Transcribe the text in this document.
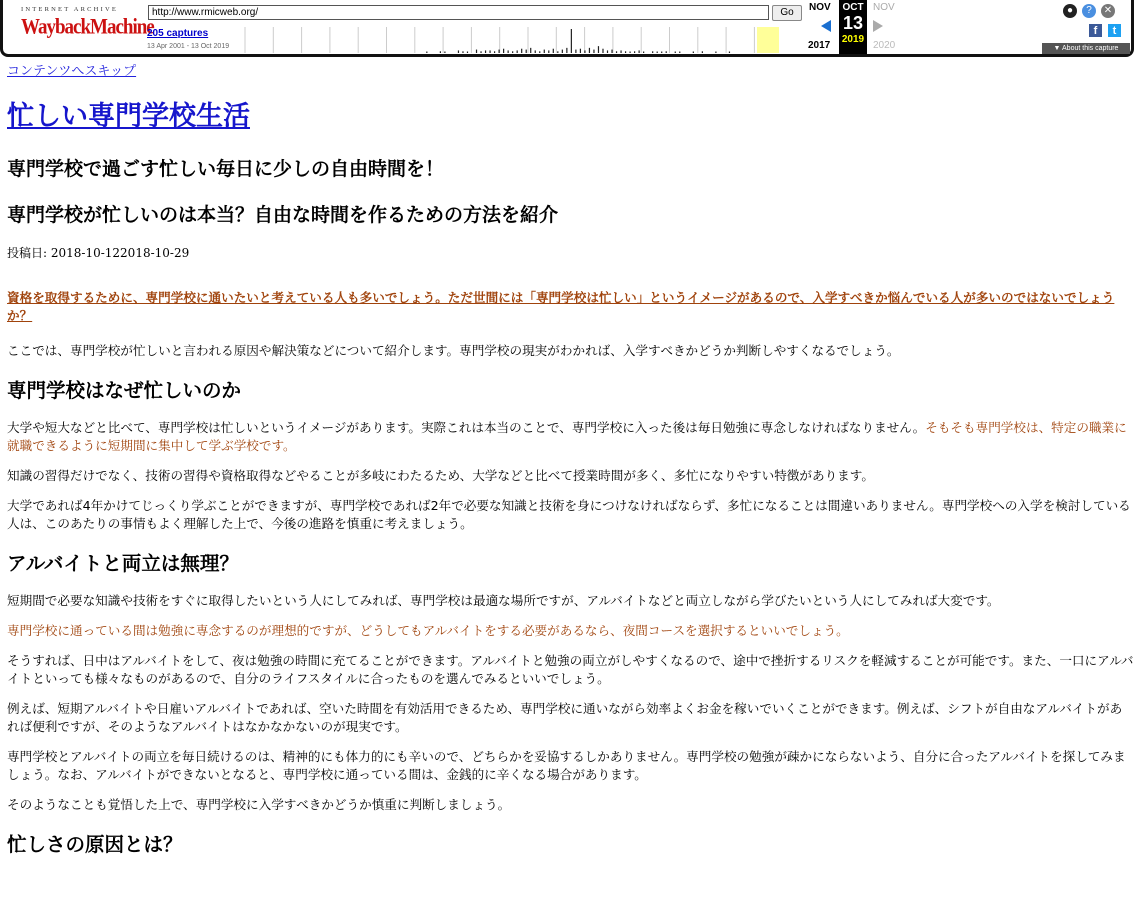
INTERNET ARCHIVE
WaybackMachine
http://www.rmicweb.org/	Go
205 captures
13 Apr 2001 - 13 Oct 2019
NOV	OCT
13
2019
NOV
2017	2020
● ? ✕
f t
▼ About this capture
コンテンツへスキップ
忙しい専門学校生活
専門学校で過ごす忙しい毎日に少しの自由時間を！
専門学校が忙しいのは本当？自由な時間を作るための方法を紹介
投稿日: 2018-10-122018-10-29

資格を取得するために、専門学校に通いたいと考えている人も多いでしょう。ただ世間には「専門学校は忙しい」というイメージがあるので、入学すべきか悩んでいる人が多いのではないでしょうか？

ここでは、専門学校が忙しいと言われる原因や解決策などについて紹介します。専門学校の現実がわかれば、入学すべきかどうか判断しやすくなるでしょう。

専門学校はなぜ忙しいのか

大学や短大などと比べて、専門学校は忙しいというイメージがあります。実際これは本当のことで、専門学校に入った後は毎日勉強に専念しなければなりません。そもそも専門学校は、特定の職業に就職できるように短期間に集中して学ぶ学校です。

知識の習得だけでなく、技術の習得や資格取得などやることが多岐にわたるため、大学などと比べて授業時間が多く、多忙になりやすい特徴があります。

大学であれば4年かけてじっくり学ぶことができますが、専門学校であれば2年で必要な知識と技術を身につけなければならず、多忙になることは間違いありません。専門学校への入学を検討している人は、このあたりの事情もよく理解した上で、今後の進路を慎重に考えましょう。

アルバイトと両立は無理？

短期間で必要な知識や技術をすぐに取得したいという人にしてみれば、専門学校は最適な場所ですが、アルバイトなどと両立しながら学びたいという人にしてみれば大変です。

専門学校に通っている間は勉強に専念するのが理想的ですが、どうしてもアルバイトをする必要があるなら、夜間コースを選択するといいでしょう。

そうすれば、日中はアルバイトをして、夜は勉強の時間に充てることができます。アルバイトと勉強の両立がしやすくなるので、途中で挫折するリスクを軽減することが可能です。また、一口にアルバイトといっても様々なものがあるので、自分のライフスタイルに合ったものを選んでみるといいでしょう。

例えば、短期アルバイトや日雇いアルバイトであれば、空いた時間を有効活用できるため、専門学校に通いながら効率よくお金を稼いでいくことができます。例えば、シフトが自由なアルバイトがあれば便利ですが、そのようなアルバイトはなかなかないのが現実です。

専門学校とアルバイトの両立を毎日続けるのは、精神的にも体力的にも辛いので、どちらかを妥協するしかありません。専門学校の勉強が疎かにならないよう、自分に合ったアルバイトを探してみましょう。なお、アルバイトができないとなると、専門学校に通っている間は、金銭的に辛くなる場合があります。

そのようなことも覚悟した上で、専門学校に入学すべきかどうか慎重に判断しましょう。

忙しさの原因とは？
